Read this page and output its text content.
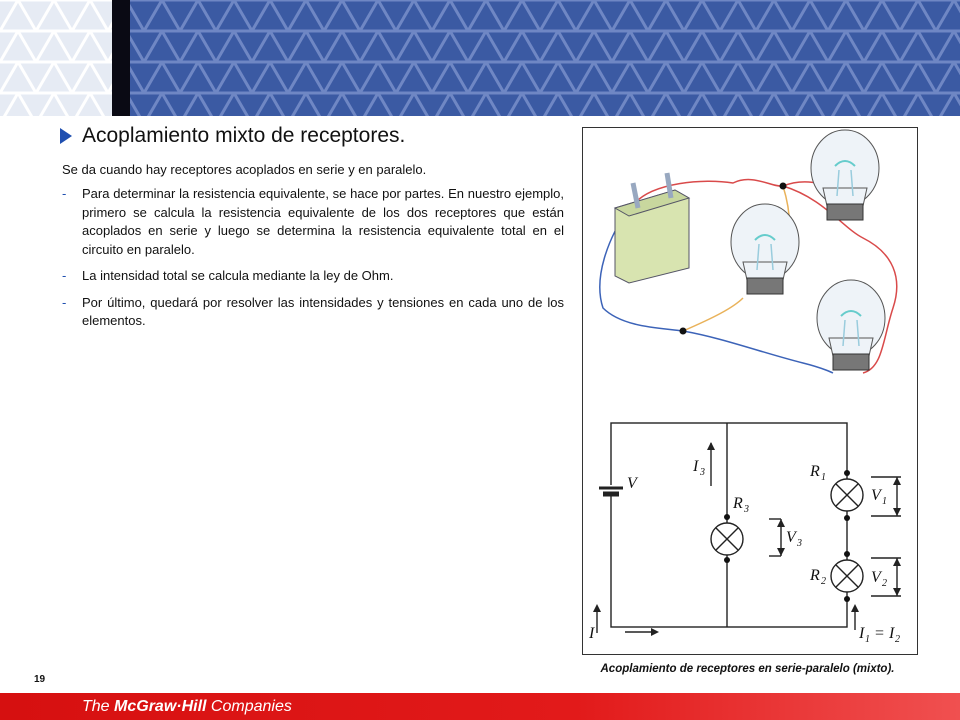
Acoplamiento mixto de receptores.
Se da cuando hay receptores acoplados en serie y en paralelo.
-	Para determinar la resistencia equivalente, se hace por partes. En nuestro ejemplo, primero se calcula la resistencia equivalente de los dos receptores que están acoplados en serie y luego se determina la resistencia equivalente total en el circuito en paralelo.
-	La intensidad total se calcula mediante la ley de Ohm.
-	Por último, quedará por resolver las intensidades y tensiones en cada uno de los elementos.
V
I 3
R 3
V 3
R 1
V 1
R 2	V 2
I	I 1 = I 2
Acoplamiento de receptores en serie-paralelo (mixto).
19
The McGraw·Hill Companies
